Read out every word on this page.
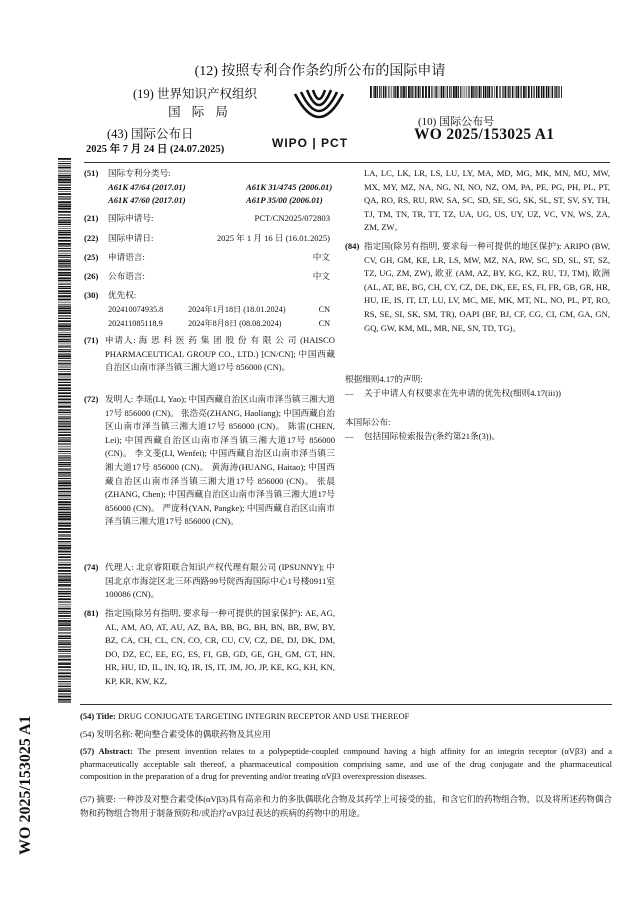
(12) 按照专利合作条约所公布的国际申请
(19) 世界知识产权组织
国 际 局
(43) 国际公布日
2025 年 7 月 24 日 (24.07.2025)
(10) 国际公布号
WO 2025/153025 A1
WIPO | PCT
WO 2025/153025 A1
(51) 国际专利分类号:
A61K 47/64 (2017.01)	A61K 31/4745 (2006.01)
A61K 47/60 (2017.01)	A61P 35/00 (2006.01)
(21) 国际申请号:	PCT/CN2025/072803
(22) 国际申请日:	2025 年 1 月 16 日 (16.01.2025)
(25) 申请语言:	中文
(26) 公布语言:	中文
(30) 优先权:
202410074935.8	2024年1月18日 (18.01.2024)	CN
202411085118.9	2024年8月8日 (08.08.2024)	CN
(71) 申请人: 海 思 科 医 药 集 团 股 份 有 限 公 司 (HAISCO PHARMACEUTICAL GROUP CO., LTD.) [CN/CN]; 中国西藏自治区山南市泽当镇三湘大道17号 856000 (CN)。
(72) 发明人: 李瑶(LI, Yao); 中国西藏自治区山南市泽当镇三湘大道17号 856000 (CN)。 张浩亮(ZHANG, Haoliang); 中国西藏自治区山南市泽当镇三湘大道17号 856000 (CN)。 陈雷(CHEN, Lei); 中国西藏自治区山南市泽当镇三湘大道17号 856000 (CN)。 李文斐(LI, Wenfei); 中国西藏自治区山南市泽当镇三湘大道17号 856000 (CN)。 黄海涛(HUANG, Haitao); 中国西藏自治区山南市泽当镇三湘大道17号 856000 (CN)。 张晨(ZHANG, Chen); 中国西藏自治区山南市泽当镇三湘大道17号 856000 (CN)。 严庞科(YAN, Pangke); 中国西藏自治区山南市泽当镇三湘大道17号 856000 (CN)。
(74) 代理人: 北京睿阳联合知识产权代理有限公司 (IPSUNNY); 中国北京市海淀区北三环西路99号院西海国际中心1号楼0911室 100086 (CN)。
(81) 指定国(除另有指明, 要求每一种可提供的国家保护): AE, AG, AL, AM, AO, AT, AU, AZ, BA, BB, BG, BH, BN, BR, BW, BY, BZ, CA, CH, CL, CN, CO, CR, CU, CV, CZ, DE, DJ, DK, DM, DO, DZ, EC, EE, EG, ES, FI, GB, GD, GE, GH, GM, GT, HN, HR, HU, ID, IL, IN, IQ, IR, IS, IT, JM, JO, JP, KE, KG, KH, KN, KP, KR, KW, KZ,
LA, LC, LK, LR, LS, LU, LY, MA, MD, MG, MK, MN, MU, MW, MX, MY, MZ, NA, NG, NI, NO, NZ, OM, PA, PE, PG, PH, PL, PT, QA, RO, RS, RU, RW, SA, SC, SD, SE, SG, SK, SL, ST, SV, SY, TH, TJ, TM, TN, TR, TT, TZ, UA, UG, US, UY, UZ, VC, VN, WS, ZA, ZM, ZW。
(84) 指定国(除另有指明, 要求每一种可提供的地区保护): ARIPO (BW, CV, GH, GM, KE, LR, LS, MW, MZ, NA, RW, SC, SD, SL, ST, SZ, TZ, UG, ZM, ZW), 欧亚 (AM, AZ, BY, KG, KZ, RU, TJ, TM), 欧洲 (AL, AT, BE, BG, CH, CY, CZ, DE, DK, EE, ES, FI, FR, GB, GR, HR, HU, IE, IS, IT, LT, LU, LV, MC, ME, MK, MT, NL, NO, PL, PT, RO, RS, SE, SI, SK, SM, TR), OAPI (BF, BJ, CF, CG, CI, CM, GA, GN, GQ, GW, KM, ML, MR, NE, SN, TD, TG)。
根据细则4.17的声明:
—	关于申请人有权要求在先申请的优先权(细则4.17(iii))
本国际公布:
—	包括国际检索报告(条约第21条(3))。
(54) Title: DRUG CONJUGATE TARGETING INTEGRIN RECEPTOR AND USE THEREOF
(54) 发明名称: 靶向整合素受体的偶联药物及其应用
(57) Abstract: The present invention relates to a polypeptide-coupled compound having a high affinity for an integrin receptor (αVβ3) and a pharmaceutically acceptable salt thereof, a pharmaceutical composition comprising same, and use of the drug conjugate and the pharmaceutical composition in the preparation of a drug for preventing and/or treating αVβ3 overexpression diseases.
(57) 摘要: 一种涉及对整合素受体(αVβ3)具有高亲和力的多肽偶联化合物及其药学上可接受的盐，和含它们的药物组合物，以及将所述药物偶合物和药物组合物用于制备预防和/或治疗αVβ3过表达的疾病的药物中的用途。
